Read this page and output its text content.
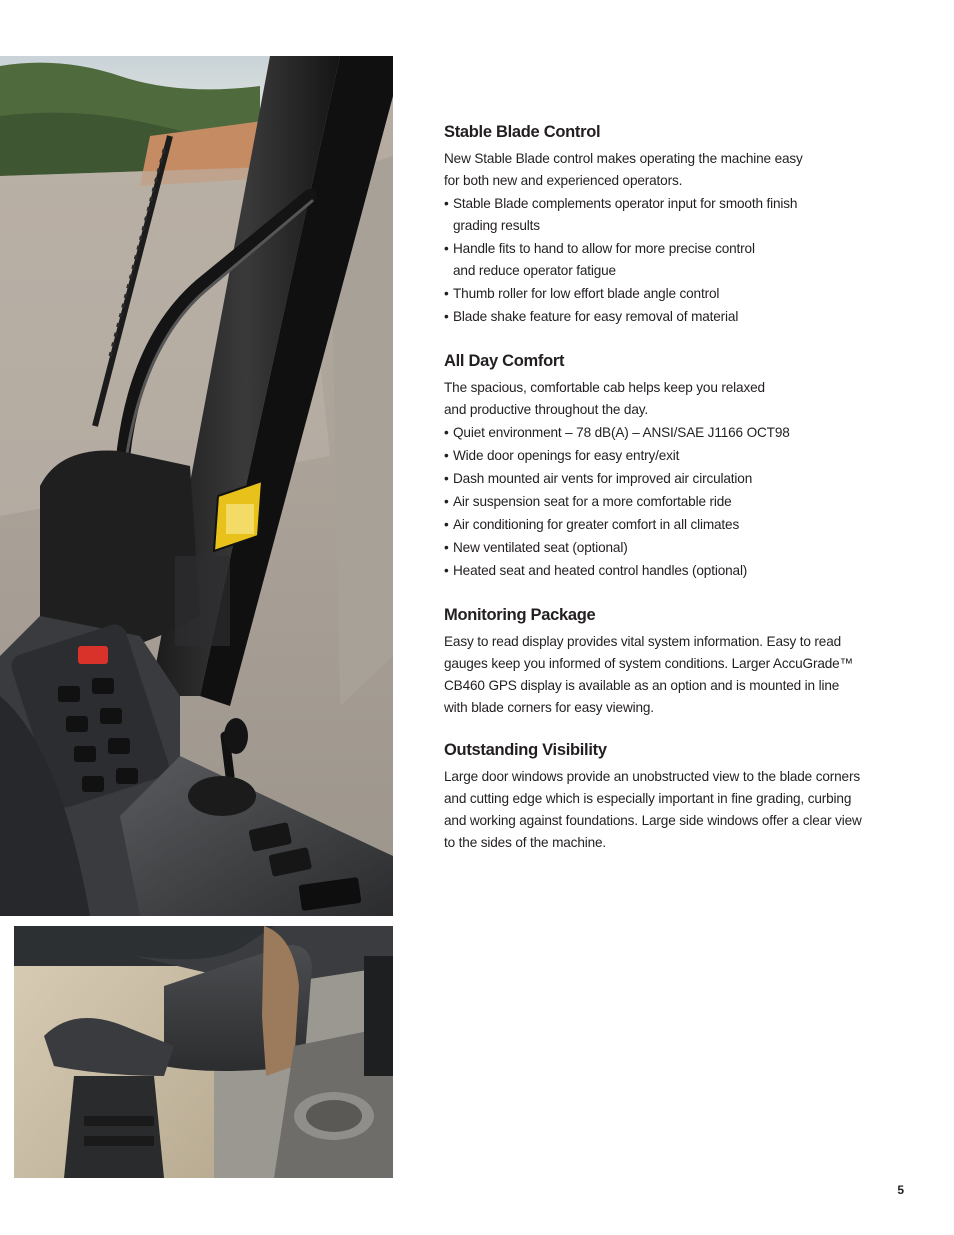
Stable Blade Control

New Stable Blade control makes operating the machine easy

for both new and experienced operators.

• Stable Blade complements operator input for smooth finish
grading results
• Handle fits to hand to allow for more precise control
and reduce operator fatigue
• Thumb roller for low effort blade angle control
• Blade shake feature for easy removal of material
All Day Comfort

The spacious, comfortable cab helps keep you relaxed

and productive throughout the day.

• Quiet environment – 78 dB(A) – ANSI/SAE J1166 OCT98
• Wide door openings for easy entry/exit
• Dash mounted air vents for improved air circulation
• Air suspension seat for a more comfortable ride
• Air conditioning for greater comfort in all climates
• New ventilated seat (optional)
• Heated seat and heated control handles (optional)
Monitoring Package

Easy to read display provides vital system information. Easy to read

gauges keep you informed of system conditions. Larger AccuGrade™

CB460 GPS display is available as an option and is mounted in line

with blade corners for easy viewing.

Outstanding Visibility

Large door windows provide an unobstructed view to the blade corners

and cutting edge which is especially important in fine grading, curbing

and working against foundations. Large side windows offer a clear view

to the sides of the machine.

5
